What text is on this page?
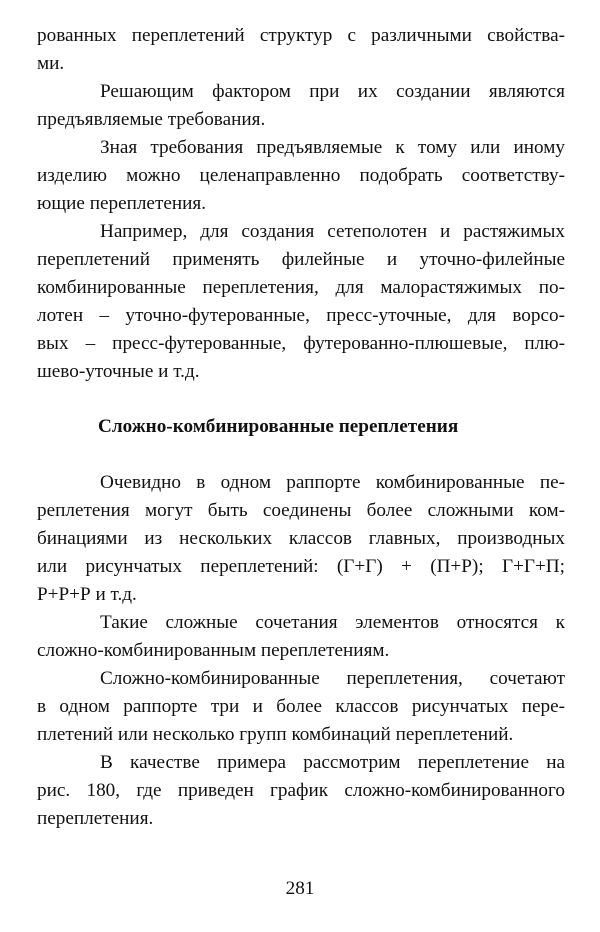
рованных переплетений структур с различными свойства-
ми.
Решающим фактором при их создании являются
предъявляемые требования.
Зная требования предъявляемые к тому или иному
изделию можно целенаправленно подобрать соответству-
ющие переплетения.
Например, для создания сетеполотен и растяжимых
переплетений применять филейные и уточно-филейные
комбинированные переплетения, для малорастяжимых по-
лотен – уточно-футерованные, пресс-уточные, для ворсо-
вых – пресс-футерованные, футерованно-плюшевые, плю-
шево-уточные и т.д.
Сложно-комбинированные переплетения
Очевидно в одном раппорте комбинированные пе-
реплетения могут быть соединены более сложными ком-
бинациями из нескольких классов главных, производных
или рисунчатых переплетений: (Г+Г) + (П+Р); Г+Г+П;
Р+Р+Р и т.д.
Такие сложные сочетания элементов относятся к
сложно-комбинированным переплетениям.
Сложно-комбинированные переплетения, сочетают
в одном раппорте три и более классов рисунчатых пере-
плетений или несколько групп комбинаций переплетений.
В качестве примера рассмотрим переплетение на
рис. 180, где приведен график сложно-комбинированного
переплетения.
281
